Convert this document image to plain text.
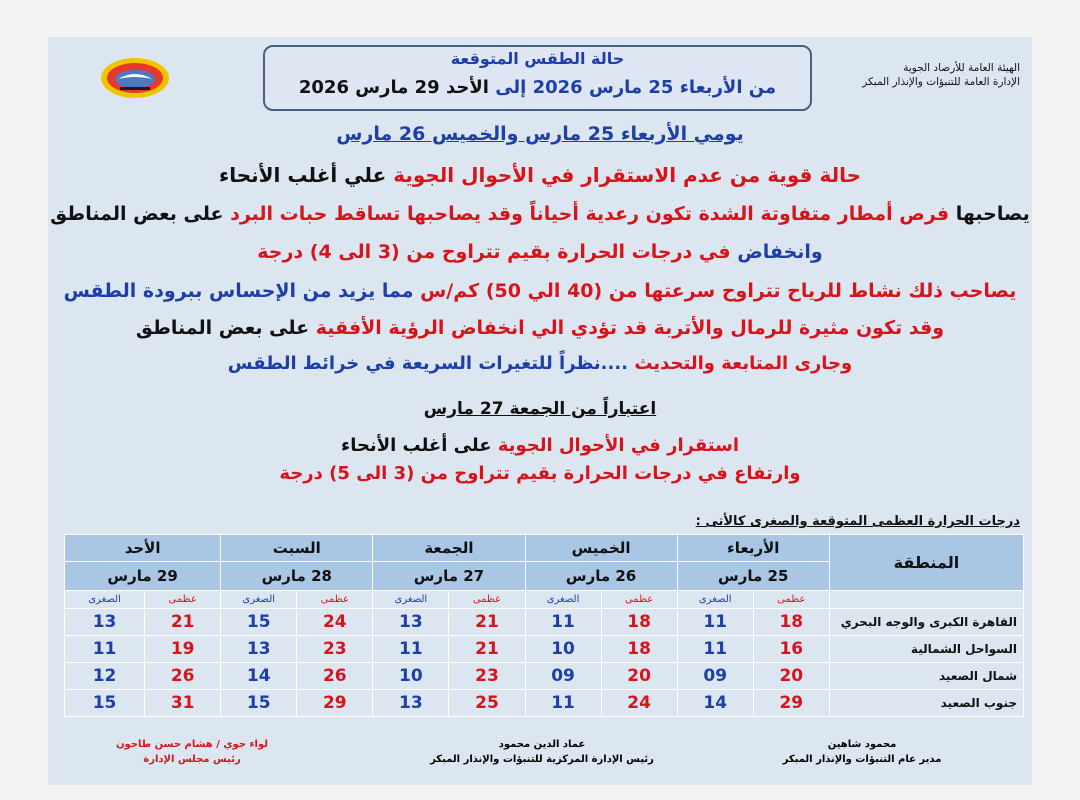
الهيئة العامة للأرصاد الجوية
الإدارة العامة للتنبؤات والإنذار المبكر
حالة الطقس المتوقعة
من الأربعاء 25 مارس 2026 إلى الأحد 29 مارس 2026
يومي الأربعاء 25 مارس والخميس 26 مارس
حالة قوية من عدم الاستقرار في الأحوال الجوية علي أغلب الأنحاء
يصاحبها فرص أمطار متفاوتة الشدة تكون رعدية أحياناً وقد يصاحبها تساقط حبات البرد على بعض المناطق
وانخفاض في درجات الحرارة بقيم تتراوح من (3 الى 4) درجة
يصاحب ذلك نشاط للرياح تتراوح سرعتها من (40 الي 50) كم/س مما يزيد من الإحساس ببرودة الطقس
وقد تكون مثيرة للرمال والأتربة قد تؤدي الي انخفاض الرؤية الأفقية على بعض المناطق
وجارى المتابعة والتحديث ....نظراً للتغيرات السريعة في خرائط الطقس
اعتباراً من الجمعة 27 مارس
استقرار في الأحوال الجوية على أغلب الأنحاء
وارتفاع في درجات الحرارة بقيم تتراوح من (3 الى 5) درجة
درجات الحرارة العظمى المتوقعة والصغرى كالأتى :
المنطقة	الأربعاء		الخميس		الجمعة		السبت		الأحد	
	25 مارس		26 مارس		27 مارس		28 مارس		29 مارس	
	عظمى	الصغرى	عظمى	الصغرى	عظمى	الصغرى	عظمى	الصغرى	عظمى	الصغرى
القاهرة الكبرى والوجه البحري	18	11	18	11	21	13	24	15	21	13
السواحل الشمالية	16	11	18	10	21	11	23	13	19	11
شمال الصعيد	20	09	20	09	23	10	26	14	26	12
جنوب الصعيد	29	14	24	11	25	13	29	15	31	15
محمود شاهين
مدير عام التنبؤات والإنذار المبكر
عماد الدين محمود
رئيس الإدارة المركزية للتنبؤات والإنذار المبكر
لواء جوي / هشام حسن طاحون
رئيس مجلس الإدارة
